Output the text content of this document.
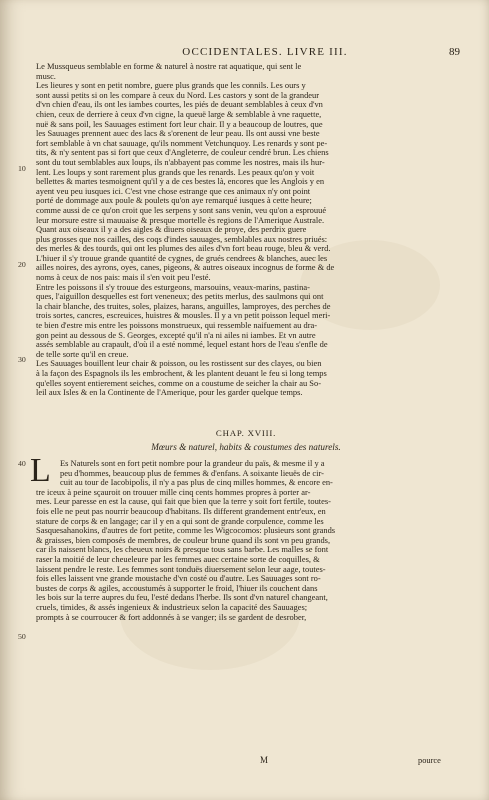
OCCIDENTALES. LIVRE III.	89
Le Mussqueus semblable en forme & naturel à nostre rat aquatique, qui sent le
musc.
Les lieures y sont en petit nombre, guere plus grands que les connils. Les ours y
sont aussi petits si on les compare à ceux du Nord. Les castors y sont de la grandeur
d'vn chien d'eau, ils ont les iambes courtes, les piés de deuant semblables à ceux d'vn
chien, ceux de derriere à ceux d'vn cigne, la queuë large & semblable à vne raquette,
nuë & sans poil, les Sauuages estiment fort leur chair. Il y a beaucoup de loutres, que
les Sauuages prennent auec des lacs & s'orenent de leur peau. Ils ont aussi vne beste
fort semblable à vn chat sauuage, qu'ils nomment Vetchunquoy. Les renards y sont pe-
tits, & n'y sentent pas si fort que ceux d'Angleterre, de couleur cendré brun. Les chiens
sont du tout semblables aux loups, ils n'abbayent pas comme les nostres, mais ils hur-
lent. Les loups y sont rarement plus grands que les renards. Les peaux qu'on y voit
bellettes & martes tesmoignent qu'il y a de ces bestes là, encores que les Anglois y en
ayent veu peu iusques ici. C'est vne chose estrange que ces animaux n'y ont point
porté de dommage aux poule & poulets qu'on aye remarqué iusques à cette heure;
comme aussi de ce qu'on croit que les serpens y sont sans venin, veu qu'on a esprouué
leur morsure estre si mauuaise & presque mortelle ès regions de l'Amerique Australe.
Quant aux oiseaux il y a des aigles & diuers oiseaux de proye, des perdrix guere
plus grosses que nos cailles, des coqs d'indes sauuages, semblables aux nostres priués:
des merles & des tourds, qui ont les plumes des ailes d'vn fort beau rouge, bleu & verd.
L'hiuer il s'y trouue grande quantité de cygnes, de grués cendrees & blanches, auec les
ailles noires, des ayrons, oyes, canes, pigeons, & autres oiseaux incognus de forme & de
noms à ceux de nos pais: mais il s'en voit peu l'esté.
Entre les poissons il s'y trouue des esturgeons, marsouins, veaux-marins, pastina-
ques, l'aiguillon desquelles est fort veneneux; des petits merlus, des saulmons qui ont
la chair blanche, des truites, soles, plaizes, harans, anguilles, lamproyes, des perches de
trois sortes, cancres, escreuices, huistres & mousles. Il y a vn petit poisson lequel meri-
te bien d'estre mis entre les poissons monstrueux, qui ressemble naifuement au dra-
gon peint au dessous de S. Georges, excepté qu'il n'a ni ailes ni iambes. Et vn autre
assés semblable au crapault, d'où il a esté nommé, lequel estant hors de l'eau s'enfle de
de telle sorte qu'il en creue.
Les Sauuages bouillent leur chair & poisson, ou les rostissent sur des clayes, ou bien
à la façon des Espagnols ils les embrochent, & les plantent deuant le feu si long temps
qu'elles soyent entierement seiches, comme on a coustume de seicher la chair au So-
leil aux Isles & en la Continente de l'Amerique, pour les garder quelque temps.
CHAP. XVIII.
Mœurs & naturel, habits & coustumes des naturels.
L	Es Naturels sont en fort petit nombre pour la grandeur du païs, & mesme il y a
peu d'hommes, beaucoup plus de femmes & d'enfans. A soixante lieuës de cir-
cuit au tour de Iacobipolis, il n'y a pas plus de cinq milles hommes, & encore en-
tre iceux à peine sçauroit on trouuer mille cinq cents hommes propres à porter ar-
mes. Leur paresse en est la cause, qui fait que bien que la terre y soit fort fertile, toutes-
fois elle ne peut pas nourrir beaucoup d'habitans. Ils different grandement entr'eux, en
stature de corps & en langage; car il y en a qui sont de grande corpulence, comme les
Sasquesahanokins, d'autres de fort petite, comme les Wigcocomos: plusieurs sont grands
& graisses, bien composés de membres, de couleur brune quand ils sont vn peu grands,
car ils naissent blancs, les cheueux noirs & presque tous sans barbe. Les malles se font
raser la moitié de leur cheueleure par les femmes auec certaine sorte de coquilles, &
laissent pendre le reste. Les femmes sont tonduës diuersement selon leur aage, toutes-
fois elles laissent vne grande moustache d'vn costé ou d'autre. Les Sauuages sont ro-
bustes de corps & agiles, accoustumés à supporter le froid, l'hiuer ils couchent dans
les bois sur la terre aupres du feu, l'esté dedans l'herbe. Ils sont d'vn naturel changeant,
cruels, timides, & assés ingenieux & industrieux selon la capacité des Sauuages;
prompts à se courroucer & fort addonnés à se vanger; ils se gardent de desrober,
M	pource
10
20
30
40
50
